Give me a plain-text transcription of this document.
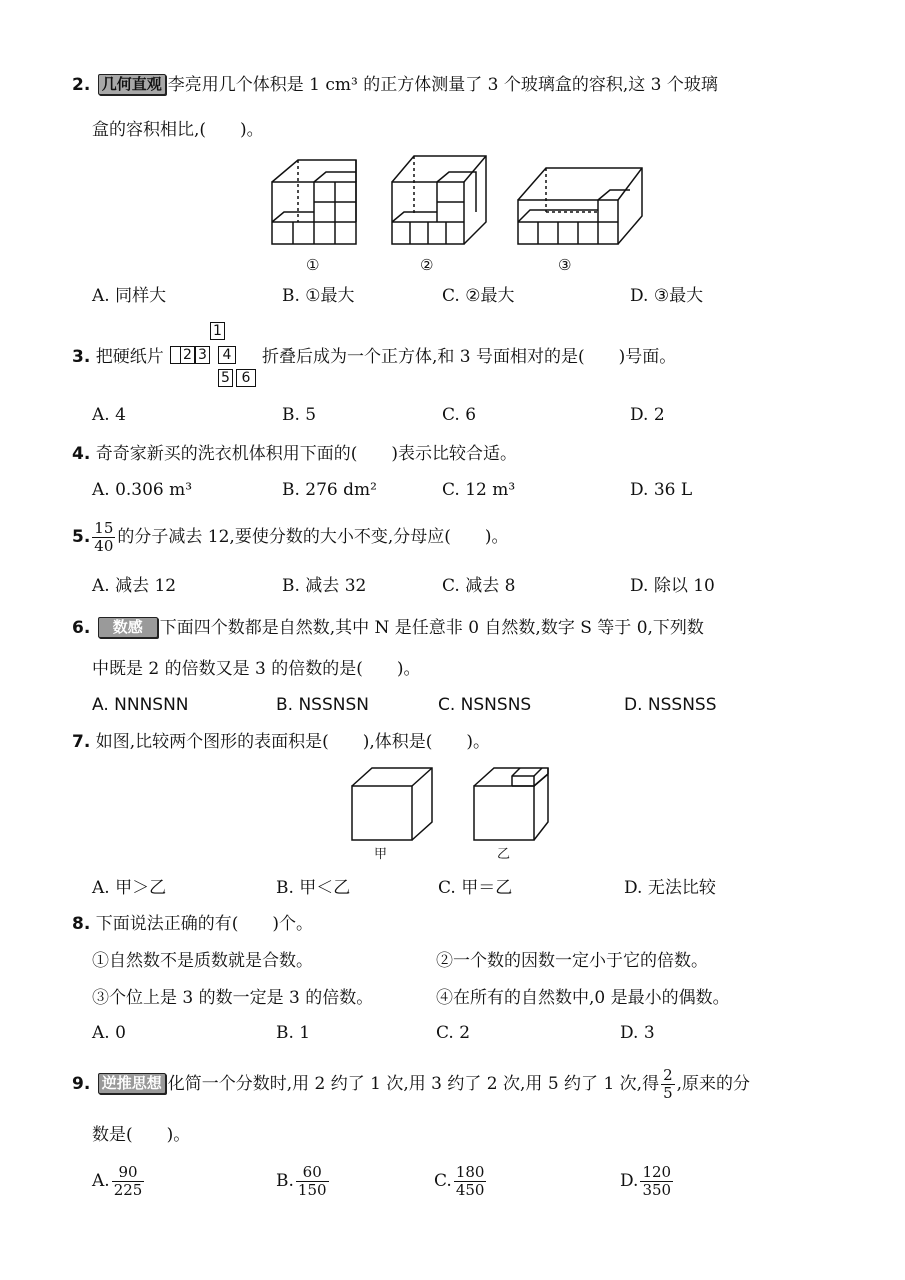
2. 几何直观 李亮用几个体积是 1 cm³ 的正方体测量了 3 个玻璃盒的容积,这 3 个玻璃
盒的容积相比,(　　)。
①	②	③
A. 同样大	B. ①最大	C. ②最大	D. ③最大
3. 把硬纸片
1
2 3	4
5 6
折叠后成为一个正方体,和 3 号面相对的是(　　)号面。
A. 4	B. 5	C. 6	D. 2
4. 奇奇家新买的洗衣机体积用下面的(　　)表示比较合适。
A. 0.306 m³	B. 276 dm²	C. 12 m³	D. 36 L
5. $\frac{15}{40}$ 的分子减去 12,要使分数的大小不变,分母应(　　)。
A. 减去 12	B. 减去 32	C. 减去 8	D. 除以 10
6. 数感 下面四个数都是自然数,其中 N 是任意非 0 自然数,数字 S 等于 0,下列数
中既是 2 的倍数又是 3 的倍数的是(　　)。
A. NNNSNN	B. NSSNSN	C. NSNSNS	D. NSSNSS
7. 如图,比较两个图形的表面积是(　　),体积是(　　)。
甲	乙
A. 甲＞乙	B. 甲＜乙	C. 甲＝乙	D. 无法比较
8. 下面说法正确的有(　　)个。
①自然数不是质数就是合数。	②一个数的因数一定小于它的倍数。
③个位上是 3 的数一定是 3 的倍数。	④在所有的自然数中,0 是最小的偶数。
A. 0	B. 1	C. 2	D. 3
9. 逆推思想 化简一个分数时,用 2 约了 1 次,用 3 约了 2 次,用 5 约了 1 次,得 $\frac{2}{5}$ ,原来的分
数是(　　)。
A. $\frac{90}{225}$	B. $\frac{60}{150}$	C. $\frac{180}{450}$	D. $\frac{120}{350}$
